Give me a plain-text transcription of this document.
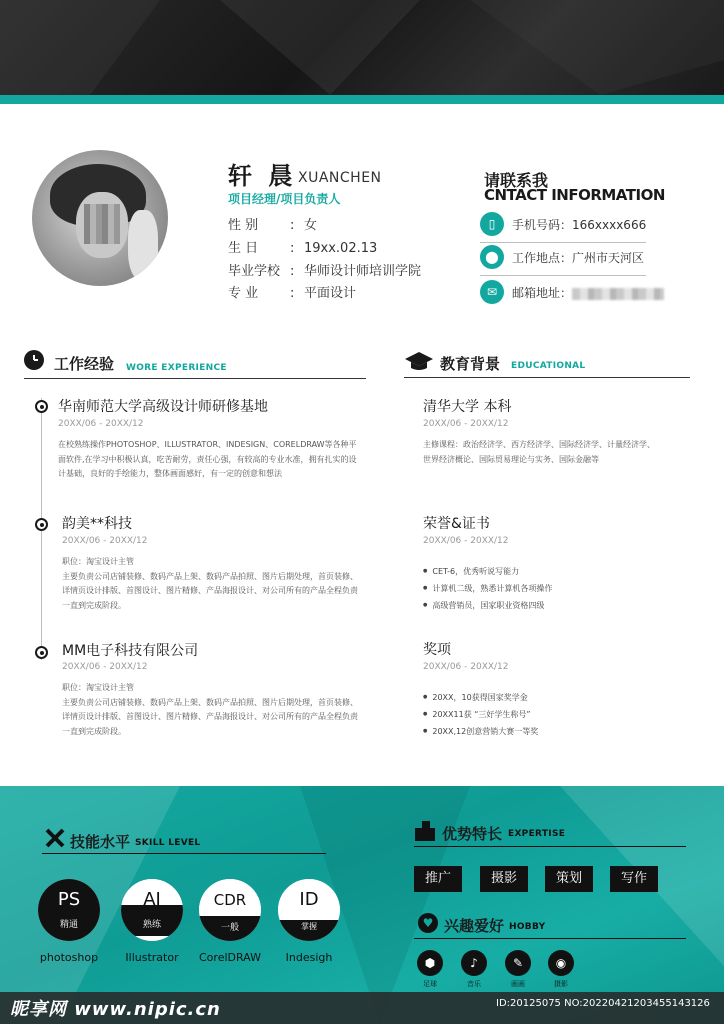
轩 晨 XUANCHEN
项目经理/项目负责人
性 别 : 女
生 日 : 19xx.02.13
毕业学校 : 华师设计师培训学院
专 业 : 平面设计
请联系我
CNTACT INFORMATION
▯	手机号码：166xxxx666
⬤	工作地点：广州市天河区
✉	邮箱地址：
工作经验 WORE EXPERIENCE
华南师范大学高级设计师研修基地
20XX/06 - 20XX/12
在校熟练操作PHOTOSHOP、ILLUSTRATOR、INDESIGN、CORELDRAW等各种平
面软件,在学习中积极认真，吃苦耐劳，责任心强，有较高的专业水准，拥有扎实的设
计基础，良好的手绘能力，整体画面感好，有一定的创意和想法
韵美**科技
20XX/06 - 20XX/12
职位：淘宝设计主管
主要负责公司店铺装修、数码产品上架、数码产品拍照、图片后期处理，首页装修、
详情页设计排版、首图设计、图片精修、产品海报设计、对公司所有的产品全程负责
一直到完成阶段。
MM电子科技有限公司
20XX/06 - 20XX/12
职位：淘宝设计主管
主要负责公司店铺装修、数码产品上架、数码产品拍照、图片后期处理，首页装修、
详情页设计排版、首图设计、图片精修、产品海报设计、对公司所有的产品全程负责
一直到完成阶段。
教育背景 EDUCATIONAL
清华大学 本科
20XX/06 - 20XX/12
主修课程：政治经济学、西方经济学、国际经济学、计量经济学、
世界经济概论、国际贸易理论与实务、国际金融等
荣誉&证书
20XX/06 - 20XX/12
● CET-6，优秀听说写能力
● 计算机二级，熟悉计算机各项操作
● 高级营销员，国家职业资格四级
奖项
20XX/06 - 20XX/12
● 20XX，10获得国家奖学金
● 20XX11获 “三好学生称号”
● 20XX,12创意营销大赛一等奖
技能水平 SKILL LEVEL
PS
精通
photoshop
AI
熟练
Illustrator
CDR
一般
CorelDRAW
ID
掌握
Indesigh
优势特长 EXPERTISE
推广	摄影	策划	写作
♥ 兴趣爱好 HOBBY
⬢
足球
♪
音乐
✎
画画
◉
摄影
昵享网 www.nipic.cn	ID:20125075 NO:20220421203455143126
